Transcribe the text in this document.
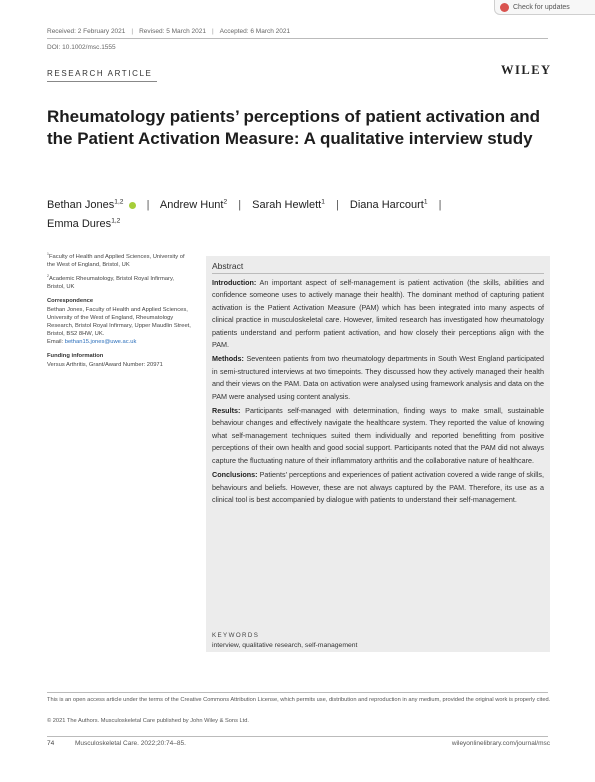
Check for updates
Received: 2 February 2021 | Revised: 5 March 2021 | Accepted: 6 March 2021
DOI: 10.1002/msc.1555
RESEARCH ARTICLE	WILEY
Rheumatology patients’ perceptions of patient activation and the Patient Activation Measure: A qualitative interview study
Bethan Jones$^{1,2}$ | Andrew Hunt$^2$ | Sarah Hewlett$^1$ | Diana Harcourt$^1$ |
Emma Dures$^{1,2}$
$^1$Faculty of Health and Applied Sciences, University of the West of England, Bristol, UK
$^2$Academic Rheumatology, Bristol Royal Infirmary, Bristol, UK
Correspondence
Bethan Jones, Faculty of Health and Applied Sciences, University of the West of England, Rheumatology Research, Bristol Royal Infirmary, Upper Maudlin Street, Bristol, BS2 8HW, UK.
Email: bethan15.jones@uwe.ac.uk
Funding information
Versus Arthritis, Grant/Award Number: 20971
Abstract

Introduction: An important aspect of self-management is patient activation (the skills, abilities and confidence someone uses to actively manage their health). The dominant method of capturing patient activation is the Patient Activation Measure (PAM) which has been integrated into many aspects of clinical practice in musculoskeletal care. However, limited research has investigated how rheumatology patients understand and perform patient activation, and how closely their perceptions align with the PAM.

Methods: Seventeen patients from two rheumatology departments in South West England participated in semi-structured interviews at two timepoints. They discussed how they actively managed their health and their views on the PAM. Data on activation were analysed using framework analysis and data on the PAM were analysed using content analysis.

Results: Participants self-managed with determination, finding ways to make small, sustainable behaviour changes and effectively navigate the healthcare system. They reported the value of knowing what self-management techniques suited them individually and reported benefitting from positive perceptions of their own health and good social support. Participants noted that the PAM did not always capture the fluctuating nature of their inflammatory arthritis and the collaborative nature of healthcare.

Conclusions: Patients' perceptions and experiences of patient activation covered a wide range of skills, behaviours and beliefs. However, these are not always captured by the PAM. Therefore, its use as a clinical tool is best accompanied by dialogue with patients to understand their self-management.

KEYWORDS
interview, qualitative research, self-management
This is an open access article under the terms of the Creative Commons Attribution License, which permits use, distribution and reproduction in any medium, provided the original work is properly cited.
© 2021 The Authors. Musculoskeletal Care published by John Wiley & Sons Ltd.
74	Musculoskeletal Care. 2022;20:74–85.	wileyonlinelibrary.com/journal/msc
